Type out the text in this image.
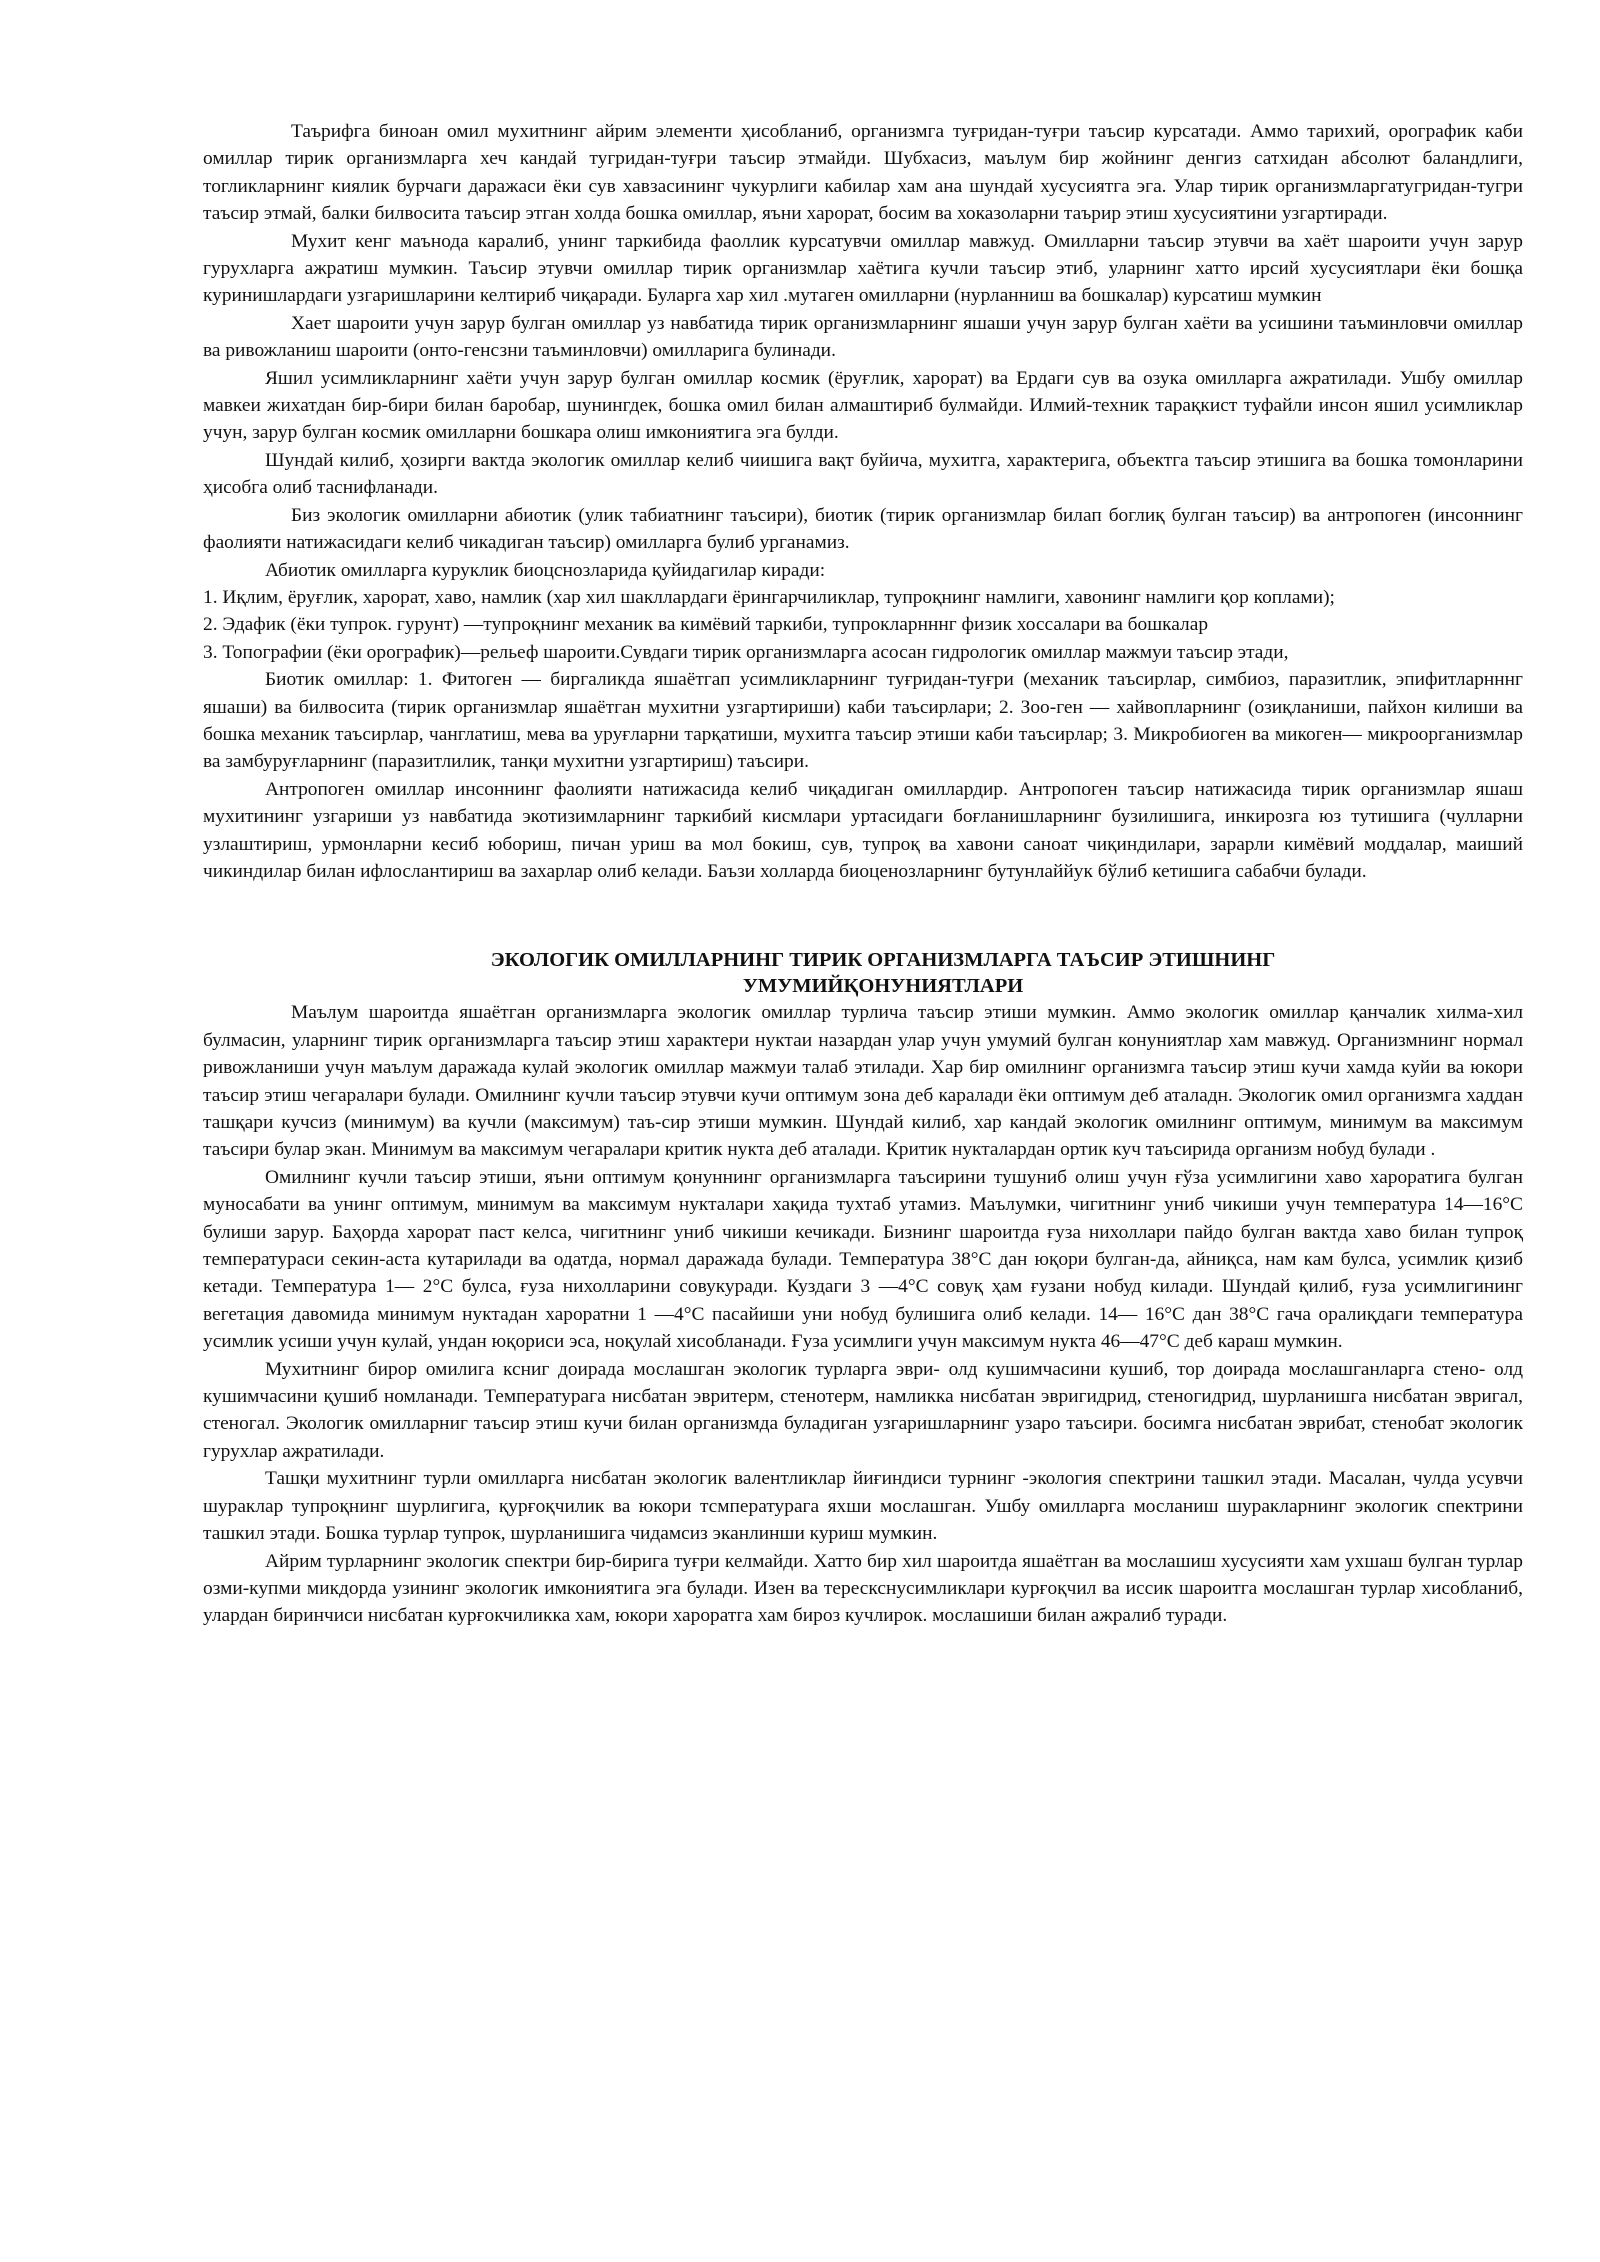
Таърифга биноан омил мухитнинг айрим элементи ҳисобланиб, организмга туғридан-туғри таъсир курсатади. Аммо тарихий, орографик каби омиллар тирик организмларга хеч кандай тугридан-туғри таъсир этмайди. Шубхасиз, маълум бир жойнинг денгиз сатхидан абсолют баландлиги, тогликларнинг киялик бурчаги даражаси ёки сув хавзасининг чукурлиги кабилар хам ана шундай хусусиятга эга. Улар тирик организмларгатугридан-тугри таъсир этмай, балки билвосита таъсир этган холда бошка омиллар, яъни харорат, босим ва хоказоларни таърир этиш хусусиятини узгартиради.

Мухит кенг маънода каралиб, унинг таркибида фаоллик курсатувчи омиллар мавжуд. Омилларни таъсир этувчи ва хаёт шароити учун зарур гурухларга ажратиш мумкин. Таъсир этувчи омиллар тирик организмлар хаётига кучли таъсир этиб, уларнинг хатто ирсий хусусиятлари ёки бошқа куринишлардаги узгаришларини келтириб чиқаради. Буларга хар хил .мутаген омилларни (нурланниш ва бошкалар) курсатиш мумкин

Хает шароити учун зарур булган омиллар уз навбатида тирик организмларнинг яшаши учун зарур булган хаёти ва усишини таъминловчи омиллар ва ривожланиш шароити (онто-генсзни таъминловчи) омилларига булинади.

Яшил усимликларнинг хаёти учун зарур булган омиллар космик (ёруғлик, харорат) ва Ердаги сув ва озука омилларга ажратилади. Ушбу омиллар мавкеи жихатдан бир-бири билан баробар, шунингдек, бошка омил билан алмаштириб булмайди. Илмий-техник тарақкист туфайли инсон яшил усимликлар учун, зарур булган космик омилларни бошкара олиш имкониятига эга булди.

Шундай килиб, ҳозирги вактда экологик омиллар келиб чиишига вақт буйича, мухитга, характерига, объектга таъсир этишига ва бошка томонларини ҳисобга олиб таснифланади.

Биз экологик омилларни абиотик (улик табиатнинг таъсири), биотик (тирик организмлар билап боглиқ булган таъсир) ва антропоген (инсоннинг фаолияти натижасидаги келиб чикадиган таъсир) омилларга булиб урганамиз.

Абиотик омилларга куруклик биоцснозларида қуйидагилар киради:

1. Иқлим, ёруғлик, харорат, хаво, намлик (хар хил шакллардаги ёрингарчиликлар, тупроқнинг намлиги, хавонинг намлиги қор коплами);

2. Эдафик (ёки тупрок. гурунт) —тупроқнинг механик ва кимёвий таркиби, тупрокларнннг физик хоссалари ва бошкалар

3. Топографии (ёки орографик)—рельеф шароити.Сувдаги тирик организмларга асосан гидрологик омиллар мажмуи таъсир этади,

Биотик омиллар: 1. Фитоген — биргаликда яшаётгап усимликларнинг туғридан-туғри (механик таъсирлар, симбиоз, паразитлик, эпифитларнннг яшаши) ва билвосита (тирик организмлар яшаётган мухитни узгартириши) каби таъсирлари; 2. Зоо-ген — хайвопларнинг (озиқланиши, пайхон килиши ва бошка механик таъсирлар, чанглатиш, мева ва уруғларни тарқатиши, мухитга таъсир этиши каби таъсирлар; 3. Микробиоген ва микоген— микроорганизмлар ва замбуруғларнинг (паразитлилик, танқи мухитни узгартириш) таъсири.

Антропоген омиллар инсоннинг фаолияти натижасида келиб чиқадиган омиллардир. Антропоген таъсир натижасида тирик организмлар яшаш мухитининг узгариши уз навбатида экотизимларнинг таркибий кисмлари уртасидаги боғланишларнинг бузилишига, инкирозга юз тутишига (чулларни узлаштириш, урмонларни кесиб юбориш, пичан уриш ва мол бокиш, сув, тупроқ ва хавони саноат чиқиндилари, зарарли кимёвий моддалар, маиший чикиндилар билан ифлослантириш ва захарлар олиб келади. Баъзи холларда биоценозларнинг бутунлаййук бўлиб кетишига сабабчи булади.

ЭКОЛОГИК ОМИЛЛАРНИНГ ТИРИК ОРГАНИЗМЛАРГА ТАЪСИР ЭТИШНИНГ
УМУМИЙҚОНУНИЯТЛАРИ

Маълум шароитда яшаётган организмларга экологик омиллар турлича таъсир этиши мумкин. Аммо экологик омиллар қанчалик хилма-хил булмасин, уларнинг тирик организмларга таъсир этиш характери нуктаи назардан улар учун умумий булган конуниятлар хам мавжуд. Организмнинг нормал ривожланиши учун маълум даражада кулай экологик омиллар мажмуи талаб этилади. Хар бир омилнинг организмга таъсир этиш кучи хамда куйи ва юкори таъсир этиш чегаралари булади. Омилнинг кучли таъсир этувчи кучи оптимум зона деб каралади ёки оптимум деб аталадн. Экологик омил организмга хаддан ташқари кучсиз (минимум) ва кучли (максимум) таъ-сир этиши мумкин. Шундай килиб, хар кандай экологик омилнинг оптимум, минимум ва максимум таъсири булар экан. Минимум ва максимум чегаралари критик нукта деб аталади. Критик нукталардан ортик куч таъсирида организм нобуд булади .

Омилнинг кучли таъсир этиши, яъни оптимум қонуннинг организмларга таъсирини тушуниб олиш учун ғўза усимлигини хаво хароратига булган муносабати ва унинг оптимум, минимум ва максимум нукталари хақида тухтаб утамиз. Маълумки, чигитнинг униб чикиши учун температура 14—16°С булиши зарур. Баҳорда харорат паст келса, чигитнинг униб чикиши кечикади. Бизнинг шароитда ғуза нихоллари пайдо булган вактда хаво билан тупроқ температураси секин-аста кутарилади ва одатда, нормал даражада булади. Температура 38°С дан юқори булган-да, айниқса, нам кам булса, усимлик қизиб кетади. Температура 1— 2°С булса, ғуза нихолларини совукуради. Куздаги 3 —4°С совуқ ҳам ғузани нобуд килади. Шундай қилиб, ғуза усимлигининг вегетация давомида минимум нуктадан хароратни 1 —4°С пасайиши уни нобуд булишига олиб келади. 14— 16°С дан 38°С гача оралиқдаги температура усимлик усиши учун кулай, ундан юқориси эса, ноқулай хисобланади. Ғуза усимлиги учун максимум нукта 46—47°С деб караш мумкин.

Мухитнинг бирор омилига ксниг доирада мослашган экологик турларга эври- олд кушимчасини кушиб, тор доирада мослашганларга стено- олд кушимчасини қушиб номланади. Температурага нисбатан эвритерм, стенотерм, намликка нисбатан эвригидрид, стеногидрид, шурланишга нисбатан эвригал, стеногал. Экологик омилларниг таъсир этиш кучи билан организмда буладиган узгаришларнинг узаро таъсири. босимга нисбатан эврибат, стенобат экологик гурухлар ажратилади.

Ташқи мухитнинг турли омилларга нисбатан экологик валентликлар йиғиндиси турнинг -экология спектрини ташкил этади. Масалан, чулда усувчи шураклар тупроқнинг шурлигига, қурғоқчилик ва юкори тсмпературага яхши мослашган. Ушбу омилларга мосланиш шуракларнинг экологик спектрини ташкил этади. Бошка турлар тупрок, шурланишига чидамсиз эканлинши куриш мумкин.

Айрим турларнинг экологик спектри бир-бирига туғри келмайди. Хатто бир хил шароитда яшаётган ва мослашиш хусусияти хам ухшаш булган турлар озми-купми микдорда узининг экологик имкониятига эга булади. Изен ва терескснусимликлари курғоқчил ва иссик шароитга мослашган турлар хисобланиб, улардан биринчиси нисбатан курғокчиликка хам, юкори хароратга хам бироз кучлирок. мослашиши билан ажралиб туради.
